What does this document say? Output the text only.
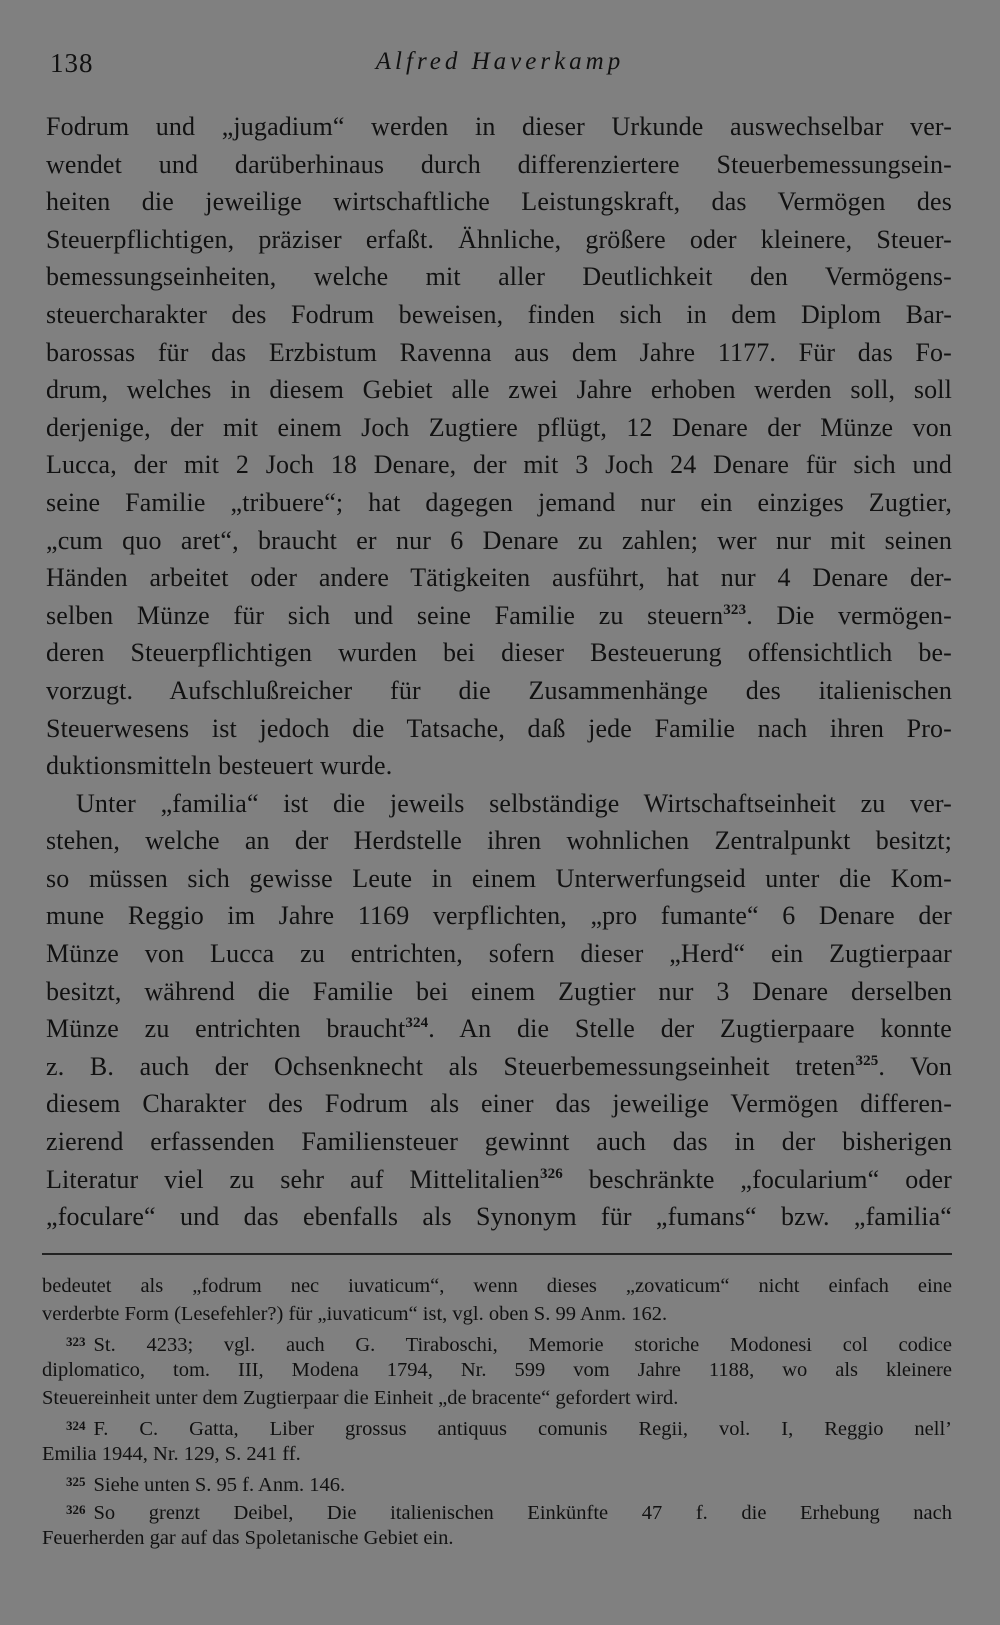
138	Alfred Haverkamp
Fodrum und „jugadium“ werden in dieser Urkunde auswechselbar ver-
wendet und darüberhinaus durch differenziertere Steuerbemessungsein-
heiten die jeweilige wirtschaftliche Leistungskraft, das Vermögen des
Steuerpflichtigen, präziser erfaßt. Ähnliche, größere oder kleinere, Steuer-
bemessungseinheiten, welche mit aller Deutlichkeit den Vermögens-
steuercharakter des Fodrum beweisen, finden sich in dem Diplom Bar-
barossas für das Erzbistum Ravenna aus dem Jahre 1177. Für das Fo-
drum, welches in diesem Gebiet alle zwei Jahre erhoben werden soll, soll
derjenige, der mit einem Joch Zugtiere pflügt, 12 Denare der Münze von
Lucca, der mit 2 Joch 18 Denare, der mit 3 Joch 24 Denare für sich und
seine Familie „tribuere“; hat dagegen jemand nur ein einziges Zugtier,
„cum quo aret“, braucht er nur 6 Denare zu zahlen; wer nur mit seinen
Händen arbeitet oder andere Tätigkeiten ausführt, hat nur 4 Denare der-
selben Münze für sich und seine Familie zu steuern$^{323}$. Die vermögen-
deren Steuerpflichtigen wurden bei dieser Besteuerung offensichtlich be-
vorzugt. Aufschlußreicher für die Zusammenhänge des italienischen
Steuerwesens ist jedoch die Tatsache, daß jede Familie nach ihren Pro-
duktionsmitteln besteuert wurde.
Unter „familia“ ist die jeweils selbständige Wirtschaftseinheit zu ver-
stehen, welche an der Herdstelle ihren wohnlichen Zentralpunkt besitzt;
so müssen sich gewisse Leute in einem Unterwerfungseid unter die Kom-
mune Reggio im Jahre 1169 verpflichten, „pro fumante“ 6 Denare der
Münze von Lucca zu entrichten, sofern dieser „Herd“ ein Zugtierpaar
besitzt, während die Familie bei einem Zugtier nur 3 Denare derselben
Münze zu entrichten braucht$^{324}$. An die Stelle der Zugtierpaare konnte
z. B. auch der Ochsenknecht als Steuerbemessungseinheit treten$^{325}$. Von
diesem Charakter des Fodrum als einer das jeweilige Vermögen differen-
zierend erfassenden Familiensteuer gewinnt auch das in der bisherigen
Literatur viel zu sehr auf Mittelitalien$^{326}$ beschränkte „focularium“ oder
„foculare“ und das ebenfalls als Synonym für „fumans“ bzw. „familia“
bedeutet als „fodrum nec iuvaticum“, wenn dieses „zovaticum“ nicht einfach eine
verderbte Form (Lesefehler?) für „iuvaticum“ ist, vgl. oben S. 99 Anm. 162.
$^{323}$ St. 4233; vgl. auch G. Tiraboschi, Memorie storiche Modonesi col codice
diplomatico, tom. III, Modena 1794, Nr. 599 vom Jahre 1188, wo als kleinere
Steuereinheit unter dem Zugtierpaar die Einheit „de bracente“ gefordert wird.
$^{324}$ F. C. Gatta, Liber grossus antiquus comunis Regii, vol. I, Reggio nell’
Emilia 1944, Nr. 129, S. 241 ff.
$^{325}$ Siehe unten S. 95 f. Anm. 146.
$^{326}$ So grenzt Deibel, Die italienischen Einkünfte 47 f. die Erhebung nach
Feuerherden gar auf das Spoletanische Gebiet ein.
